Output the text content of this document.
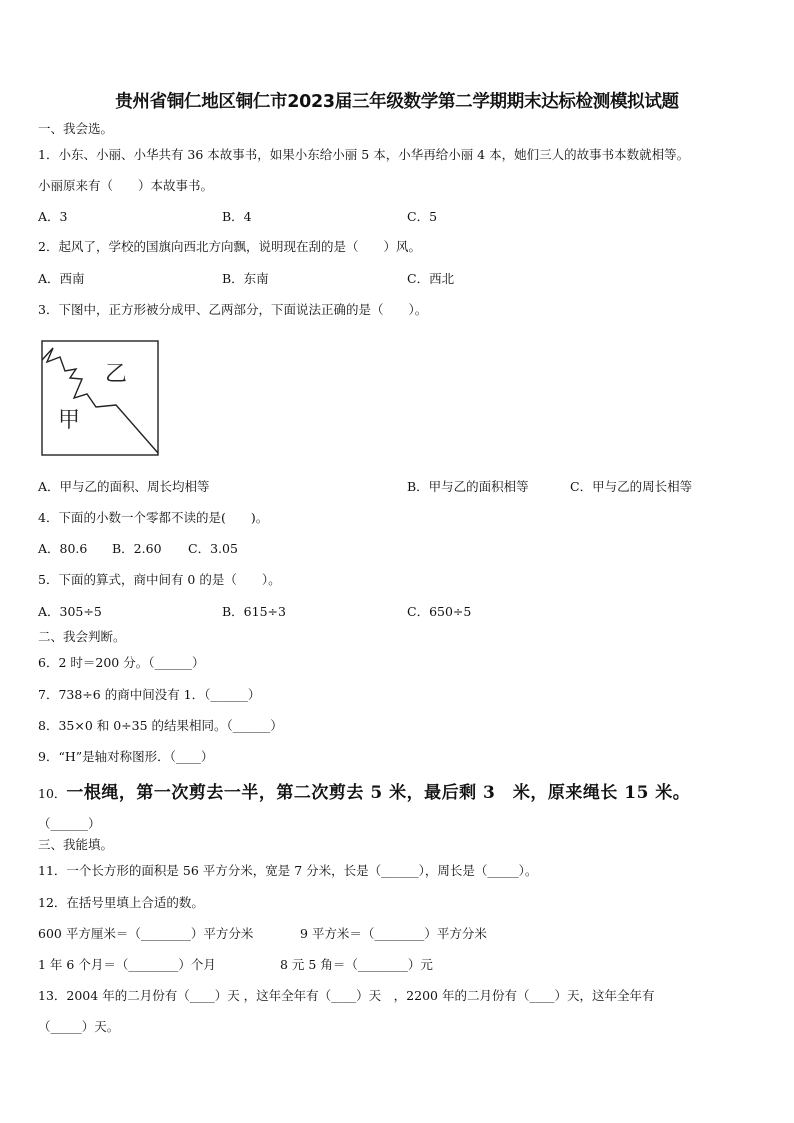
贵州省铜仁地区铜仁市2023届三年级数学第二学期期末达标检测模拟试题
一、我会选。
1．小东、小丽、小华共有 36 本故事书，如果小东给小丽 5 本，小华再给小丽 4 本，她们三人的故事书本数就相等。
小丽原来有（　　）本故事书。
A．3	B．4	C．5
2．起风了，学校的国旗向西北方向飘，说明现在刮的是（　　）风。
A．西南	B．东南	C．西北
3．下图中，正方形被分成甲、乙两部分，下面说法正确的是（　　）。
乙
甲
A．甲与乙的面积、周长均相等	B．甲与乙的面积相等	C．甲与乙的周长相等
4．下面的小数一个零都不读的是(　　)。
A．80.6 B．2.60 C．3.05
5．下面的算式，商中间有 0 的是（　　）。
A．305÷5	B．615÷3	C．650÷5
二、我会判断。
6．2 时＝200 分。（______）
7．738÷6 的商中间没有 1．（______）
8．35×0 和 0÷35 的结果相同。（______）
9．“H”是轴对称图形．（____）
10．一根绳，第一次剪去一半，第二次剪去 5 米，最后剩 3　米，原来绳长 15 米。
（______）
三、我能填。
11．一个长方形的面积是 56 平方分米，宽是 7 分米，长是（______），周长是（_____）。
12．在括号里填上合适的数。
600 平方厘米＝（________）平方分米	9 平方米＝（________）平方分米
1 年 6 个月＝（________）个月	8 元 5 角＝（________）元
13．2004 年的二月份有（____）天 ，这年全年有（____）天　，2200 年的二月份有（____）天，这年全年有
（_____）天。
